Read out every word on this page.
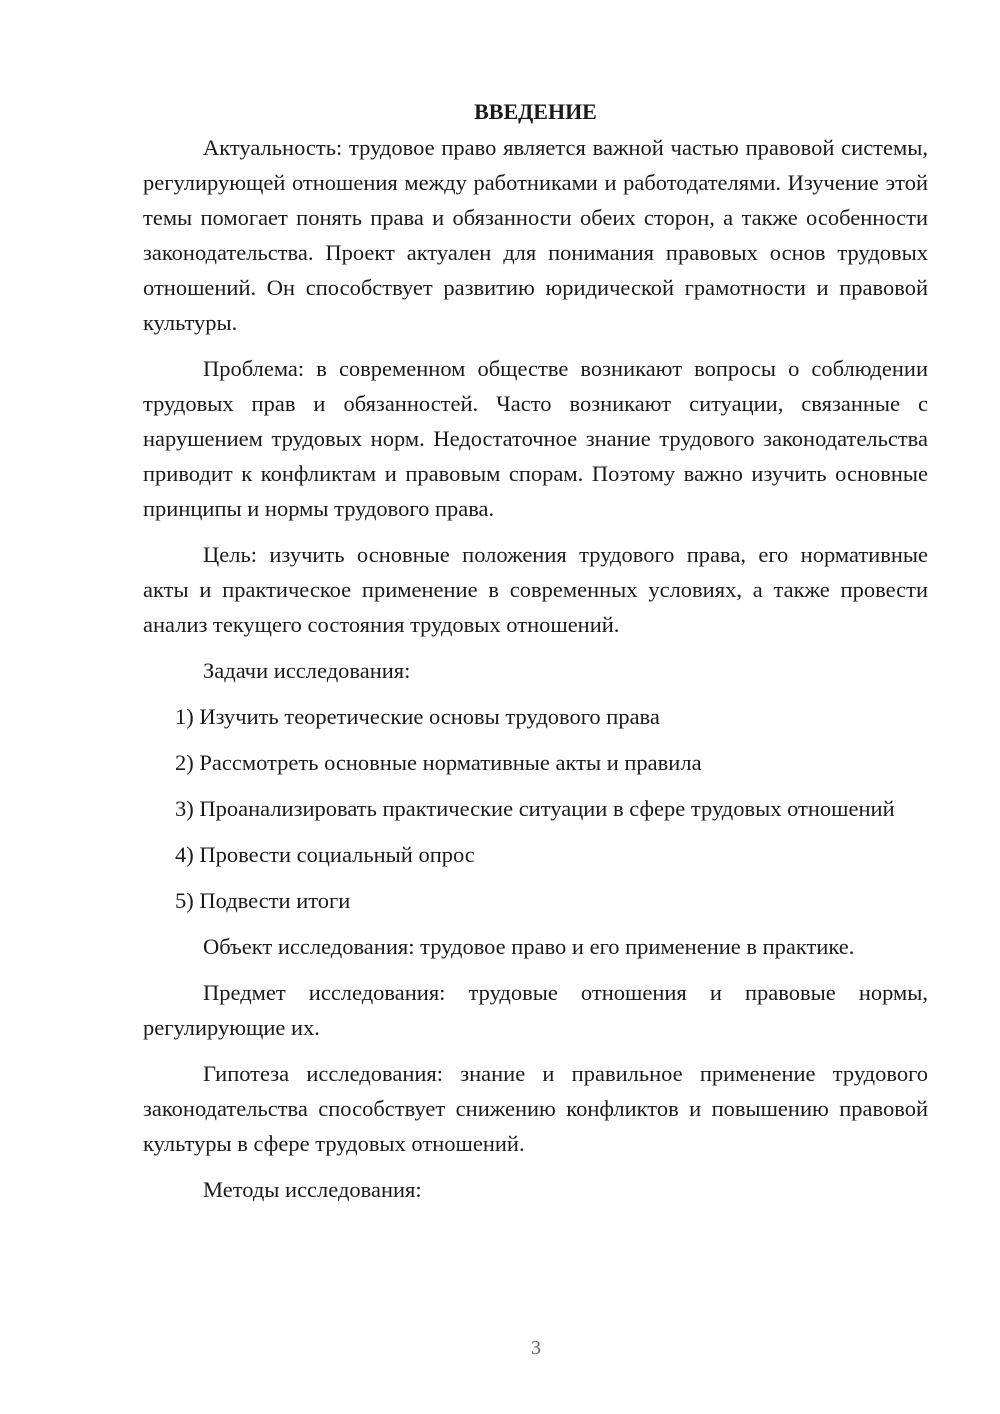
ВВЕДЕНИЕ

Актуальность: трудовое право является важной частью правовой системы, регулирующей отношения между работниками и работодателями. Изучение этой темы помогает понять права и обязанности обеих сторон, а также особенности законодательства. Проект актуален для понимания правовых основ трудовых отношений. Он способствует развитию юридической грамотности и правовой культуры.

Проблема: в современном обществе возникают вопросы о соблюдении трудовых прав и обязанностей. Часто возникают ситуации, связанные с нарушением трудовых норм. Недостаточное знание трудового законодательства приводит к конфликтам и правовым спорам. Поэтому важно изучить основные принципы и нормы трудового права.

Цель: изучить основные положения трудового права, его нормативные акты и практическое применение в современных условиях, а также провести анализ текущего состояния трудовых отношений.

Задачи исследования:

1) Изучить теоретические основы трудового права

2) Рассмотреть основные нормативные акты и правила

3) Проанализировать практические ситуации в сфере трудовых отношений

4) Провести социальный опрос

5) Подвести итоги

Объект исследования: трудовое право и его применение в практике.

Предмет исследования: трудовые отношения и правовые нормы, регулирующие их.

Гипотеза исследования: знание и правильное применение трудового законодательства способствует снижению конфликтов и повышению правовой культуры в сфере трудовых отношений.

Методы исследования:

3
